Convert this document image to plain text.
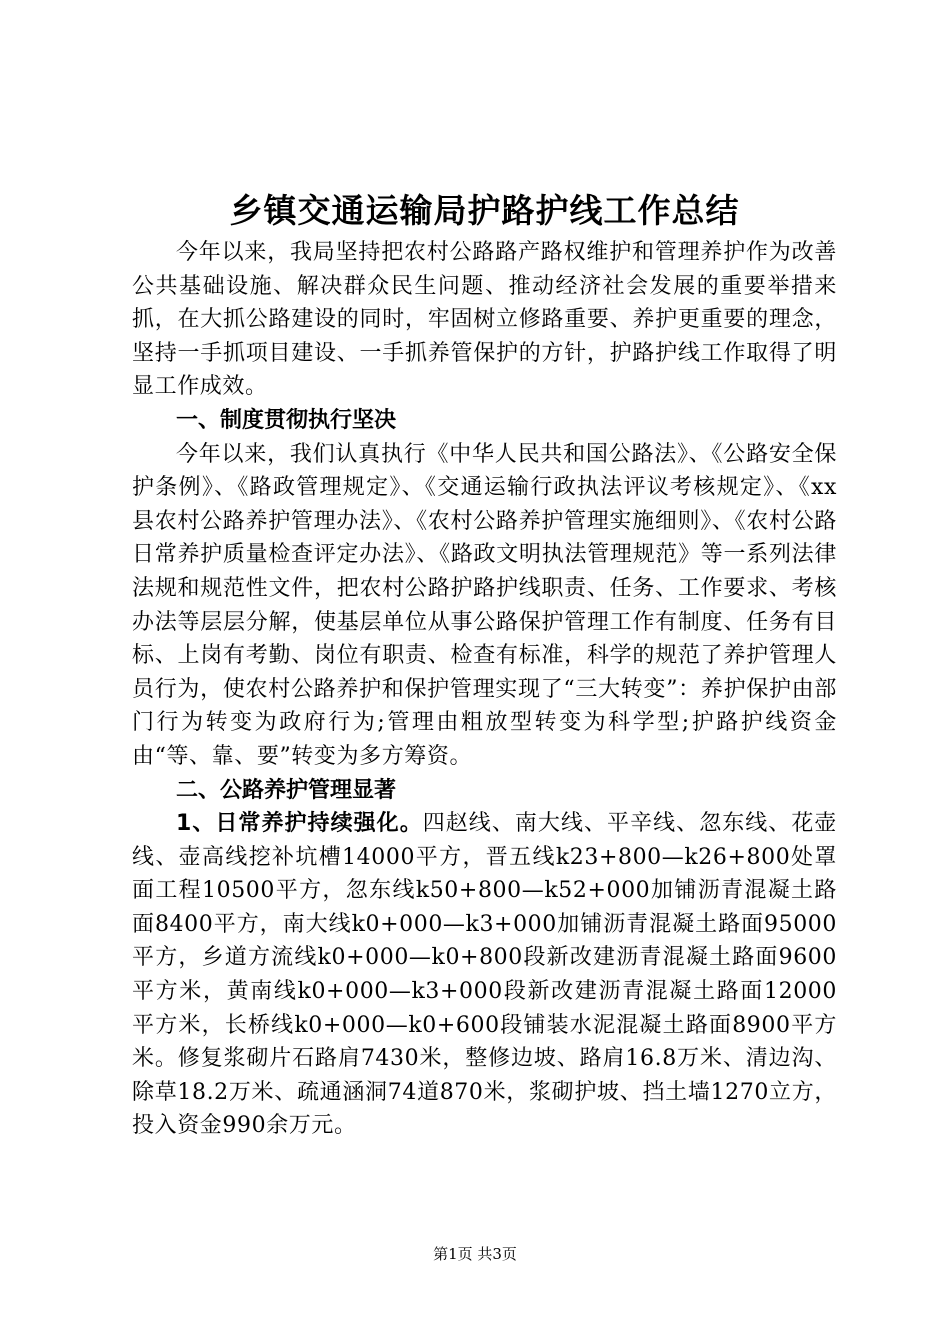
乡镇交通运输局护路护线工作总结

今年以来，我局坚持把农村公路路产路权维护和管理养护作为改善公共基础设施、解决群众民生问题、推动经济社会发展的重要举措来抓，在大抓公路建设的同时，牢固树立修路重要、养护更重要的理念，坚持一手抓项目建设、一手抓养管保护的方针，护路护线工作取得了明显工作成效。

一、制度贯彻执行坚决

今年以来，我们认真执行《中华人民共和国公路法》、《公路安全保护条例》、《路政管理规定》、《交通运输行政执法评议考核规定》、《xx县农村公路养护管理办法》、《农村公路养护管理实施细则》、《农村公路日常养护质量检查评定办法》、《路政文明执法管理规范》等一系列法律法规和规范性文件，把农村公路护路护线职责、任务、工作要求、考核办法等层层分解，使基层单位从事公路保护管理工作有制度、任务有目标、上岗有考勤、岗位有职责、检查有标准，科学的规范了养护管理人员行为，使农村公路养护和保护管理实现了“三大转变”：养护保护由部门行为转变为政府行为;管理由粗放型转变为科学型;护路护线资金由“等、靠、要”转变为多方筹资。

二、公路养护管理显著

1、日常养护持续强化。四赵线、南大线、平辛线、忽东线、花壶线、壶高线挖补坑槽14000平方，晋五线k23+800—k26+800处罩面工程10500平方，忽东线k50+800—k52+000加铺沥青混凝土路面8400平方，南大线k0+000—k3+000加铺沥青混凝土路面95000平方，乡道方流线k0+000—k0+800段新改建沥青混凝土路面9600平方米，黄南线k0+000—k3+000段新改建沥青混凝土路面12000平方米，长桥线k0+000—k0+600段铺装水泥混凝土路面8900平方米。修复浆砌片石路肩7430米，整修边坡、路肩16.8万米、清边沟、除草18.2万米、疏通涵洞74道870米，浆砌护坡、挡土墙1270立方，投入资金990余万元。

第1页 共3页
